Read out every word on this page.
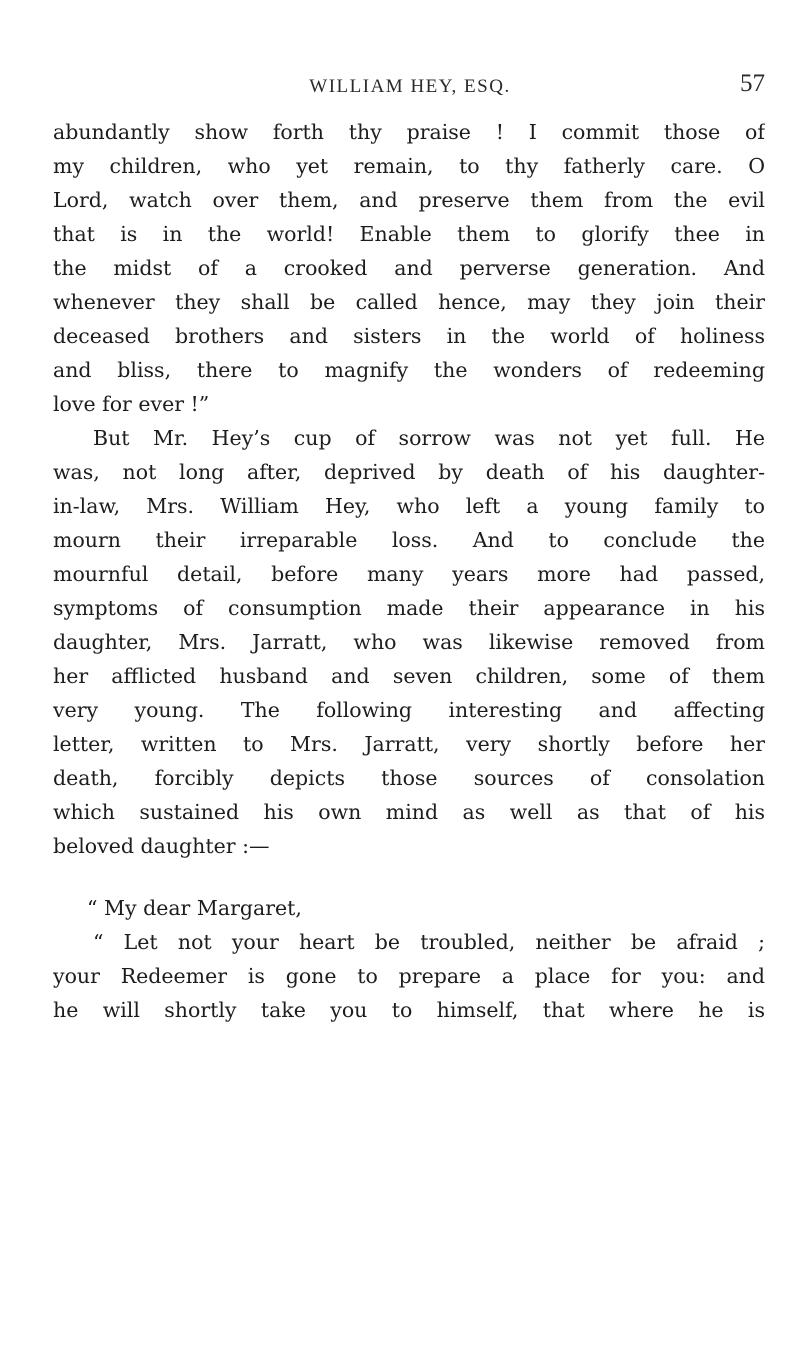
WILLIAM HEY, ESQ.	57
abundantly show forth thy praise ! I commit those of
my children, who yet remain, to thy fatherly care. O
Lord, watch over them, and preserve them from the evil
that is in the world! Enable them to glorify thee in
the midst of a crooked and perverse generation. And
whenever they shall be called hence, may they join their
deceased brothers and sisters in the world of holiness
and bliss, there to magnify the wonders of redeeming
love for ever !”
But Mr. Hey’s cup of sorrow was not yet full. He
was, not long after, deprived by death of his daughter-
in-law, Mrs. William Hey, who left a young family to
mourn their irreparable loss. And to conclude the
mournful detail, before many years more had passed,
symptoms of consumption made their appearance in his
daughter, Mrs. Jarratt, who was likewise removed from
her afflicted husband and seven children, some of them
very young. The following interesting and affecting
letter, written to Mrs. Jarratt, very shortly before her
death, forcibly depicts those sources of consolation
which sustained his own mind as well as that of his
beloved daughter :—
“ My dear Margaret,
“ Let not your heart be troubled, neither be afraid ;
your Redeemer is gone to prepare a place for you: and
he will shortly take you to himself, that where he is
